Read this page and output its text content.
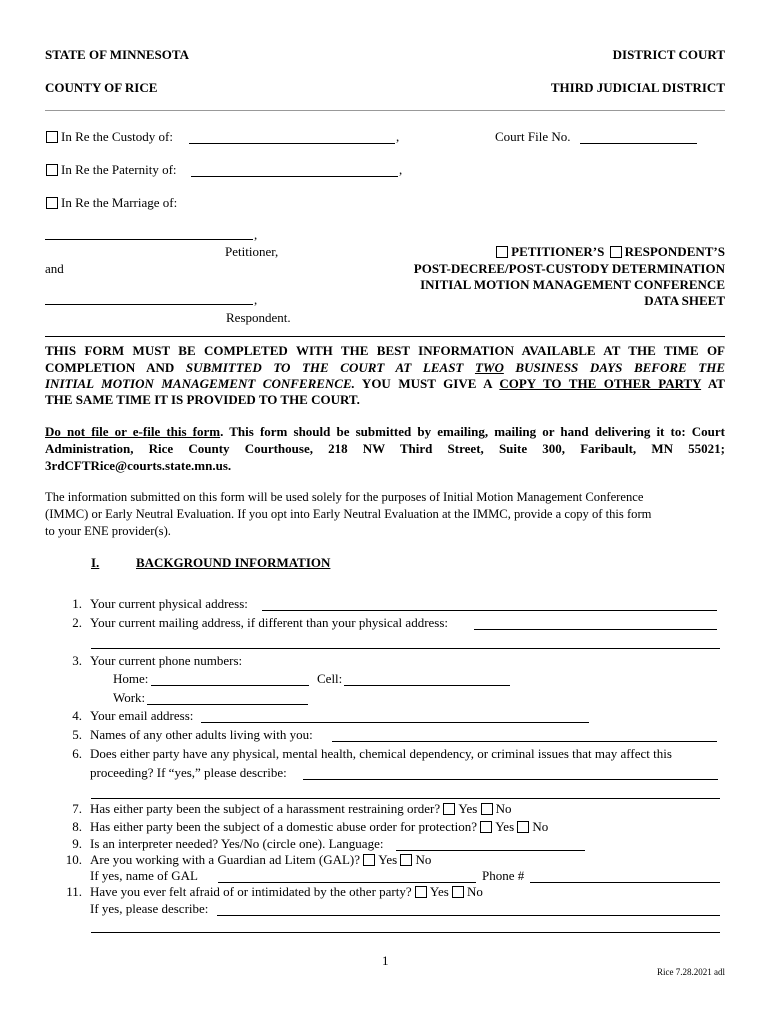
STATE OF MINNESOTA	DISTRICT COURT
COUNTY OF RICE	THIRD JUDICIAL DISTRICT
In Re the Custody of:	,	Court File No.
In Re the Paternity of:	,
In Re the Marriage of:
,
Petitioner,
and
,
Respondent.
PETITIONER’S RESPONDENT’S
POST-DECREE/POST-CUSTODY DETERMINATION
INITIAL MOTION MANAGEMENT CONFERENCE
DATA SHEET
THIS FORM MUST BE COMPLETED WITH THE BEST INFORMATION AVAILABLE AT THE TIME OF
COMPLETION AND SUBMITTED TO THE COURT AT LEAST TWO BUSINESS DAYS BEFORE THE
INITIAL MOTION MANAGEMENT CONFERENCE. YOU MUST GIVE A COPY TO THE OTHER PARTY AT
THE SAME TIME IT IS PROVIDED TO THE COURT.
Do not file or e-file this form. This form should be submitted by emailing, mailing or hand delivering it to: Court
Administration, Rice County Courthouse, 218 NW Third Street, Suite 300, Faribault, MN 55021;
3rdCFTRice@courts.state.mn.us.
The information submitted on this form will be used solely for the purposes of Initial Motion Management Conference
(IMMC) or Early Neutral Evaluation. If you opt into Early Neutral Evaluation at the IMMC, provide a copy of this form
to your ENE provider(s).
I.	BACKGROUND INFORMATION
1. Your current physical address:
2. Your current mailing address, if different than your physical address:
3. Your current phone numbers:
Home:	Cell:
Work:
4. Your email address:
5. Names of any other adults living with you:
6. Does either party have any physical, mental health, chemical dependency, or criminal issues that may affect this
proceeding? If “yes,” please describe:
7. Has either party been the subject of a harassment restraining order? Yes No
8. Has either party been the subject of a domestic abuse order for protection? Yes No
9. Is an interpreter needed? Yes/No (circle one). Language:
10. Are you working with a Guardian ad Litem (GAL)? Yes No
If yes, name of GAL	Phone #
11. Have you ever felt afraid of or intimidated by the other party? Yes No
If yes, please describe:
1
Rice 7.28.2021 adl
